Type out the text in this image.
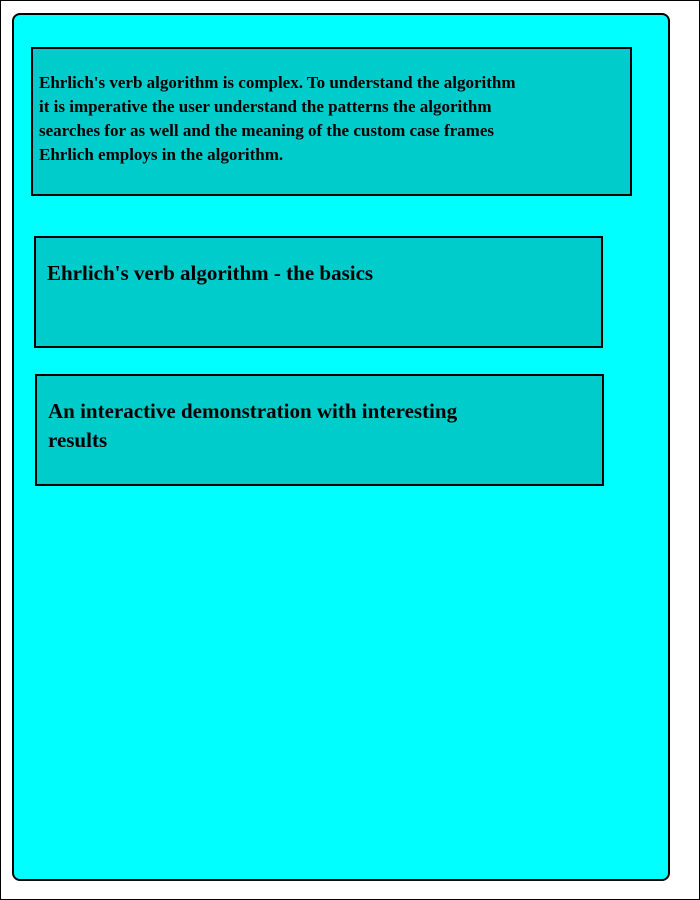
Ehrlich's verb algorithm is complex. To understand the algorithm
it is imperative the user understand the patterns the algorithm
searches for as well and the meaning of the custom case frames
Ehrlich employs in the algorithm.
Ehrlich's verb algorithm - the basics
An interactive demonstration with interesting
results
